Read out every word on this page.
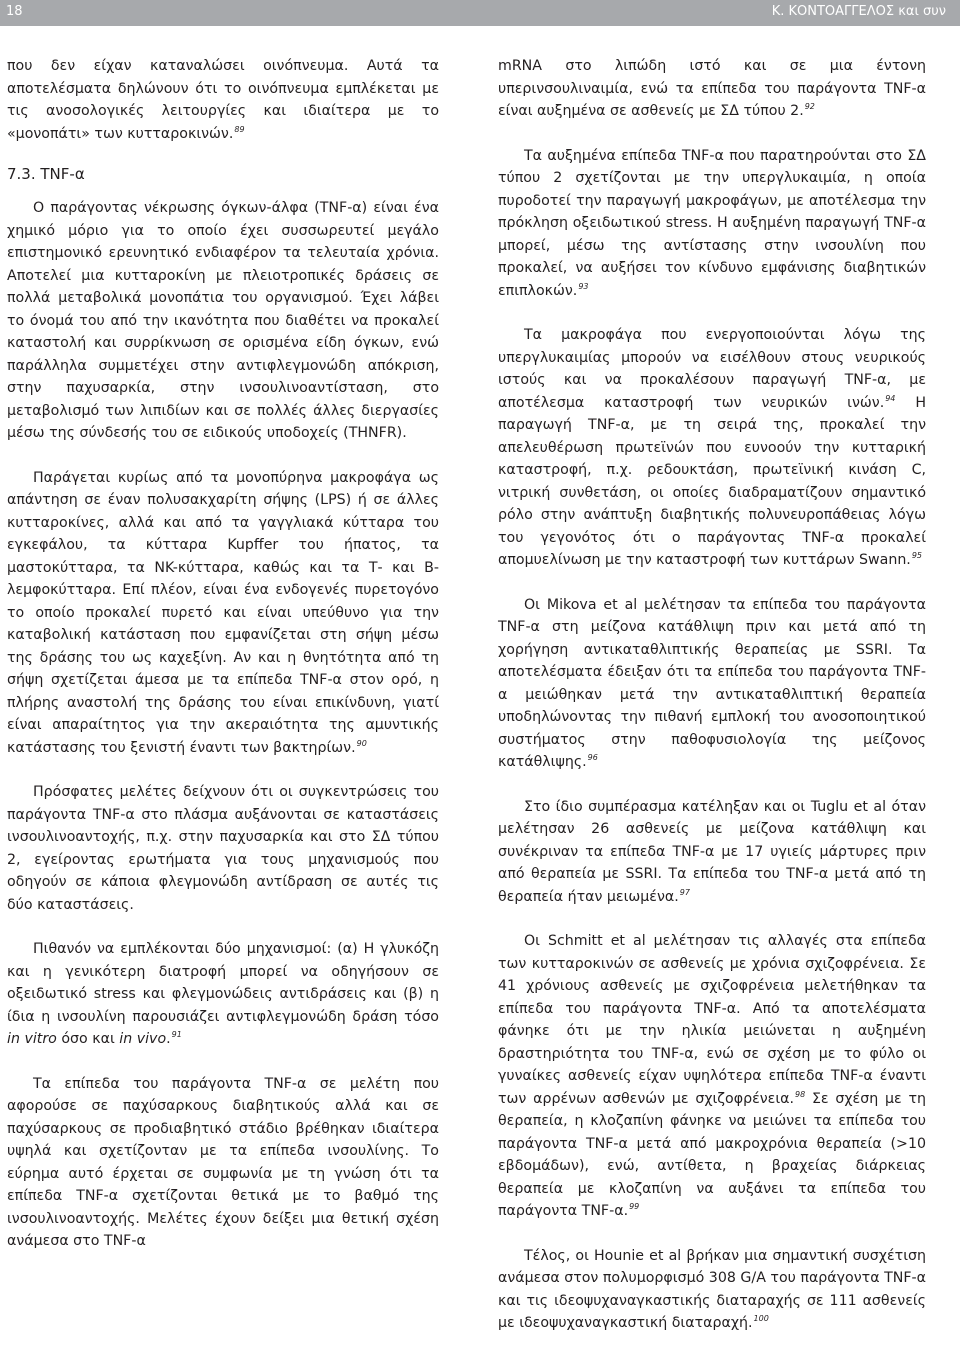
18	Κ. ΚΟΝΤΟΑΓΓΕΛΟΣ και συν

που δεν είχαν καταναλώσει οινόπνευμα. Αυτά τα αποτελέσματα δηλώνουν ότι το οινόπνευμα εμπλέκεται με τις ανοσολογικές λειτουργίες και ιδιαίτερα με το «μονοπάτι» των κυτταροκινών.$^{89}$

7.3. TNF-α

Ο παράγοντας νέκρωσης όγκων-άλφα (TNF-α) είναι ένα χημικό μόριο για το οποίο έχει συσσωρευτεί μεγάλο επιστημονικό ερευνητικό ενδιαφέρον τα τελευταία χρόνια. Αποτελεί μια κυτταροκίνη με πλειοτροπικές δράσεις σε πολλά μεταβολικά μονοπάτια του οργανισμού. Έχει λάβει το όνομά του από την ικανότητα που διαθέτει να προκαλεί καταστολή και συρρίκνωση σε ορισμένα είδη όγκων, ενώ παράλληλα συμμετέχει στην αντιφλεγμονώδη απόκριση, στην παχυσαρκία, στην ινσουλινοαντίσταση, στο μεταβολισμό των λιπιδίων και σε πολλές άλλες διεργασίες μέσω της σύνδεσής του σε ειδικούς υποδοχείς (THNFR).

Παράγεται κυρίως από τα μονοπύρηνα μακροφάγα ως απάντηση σε έναν πολυσακχαρίτη σήψης (LPS) ή σε άλλες κυτταροκίνες, αλλά και από τα γαγγλιακά κύτταρα του εγκεφάλου, τα κύτταρα Kupffer του ήπατος, τα μαστοκύτταρα, τα NK-κύτταρα, καθώς και τα Τ- και Β-λεμφοκύτταρα. Επί πλέον, είναι ένα ενδογενές πυρετογόνο το οποίο προκαλεί πυρετό και είναι υπεύθυνο για την καταβολική κατάσταση που εμφανίζεται στη σήψη μέσω της δράσης του ως καχεξίνη. Αν και η θνητότητα από τη σήψη σχετίζεται άμεσα με τα επίπεδα TNF-α στον ορό, η πλήρης αναστολή της δράσης του είναι επικίνδυνη, γιατί είναι απαραίτητος για την ακεραιότητα της αμυντικής κατάστασης του ξενιστή έναντι των βακτηρίων.$^{90}$

Πρόσφατες μελέτες δείχνουν ότι οι συγκεντρώσεις του παράγοντα TNF-α στο πλάσμα αυξάνονται σε καταστάσεις ινσουλινοαντοχής, π.χ. στην παχυσαρκία και στο ΣΔ τύπου 2, εγείροντας ερωτήματα για τους μηχανισμούς που οδηγούν σε κάποια φλεγμονώδη αντίδραση σε αυτές τις δύο καταστάσεις.

Πιθανόν να εμπλέκονται δύο μηχανισμοί: (α) Η γλυκόζη και η γενικότερη διατροφή μπορεί να οδηγήσουν σε οξειδωτικό stress και φλεγμονώδεις αντιδράσεις και (β) η ίδια η ινσουλίνη παρουσιάζει αντιφλεγμονώδη δράση τόσο in vitro όσο και in vivo.$^{91}$

Τα επίπεδα του παράγοντα TNF-α σε μελέτη που αφορούσε σε παχύσαρκους διαβητικούς αλλά και σε παχύσαρκους σε προδιαβητικό στάδιο βρέθηκαν ιδιαίτερα υψηλά και σχετίζονταν με τα επίπεδα ινσουλίνης. Το εύρημα αυτό έρχεται σε συμφωνία με τη γνώση ότι τα επίπεδα TNF-α σχετίζονται θετικά με το βαθμό της ινσουλινοαντοχής. Μελέτες έχουν δείξει μια θετική σχέση ανάμεσα στο TNF-α

mRNA στο λιπώδη ιστό και σε μια έντονη υπερινσουλιναιμία, ενώ τα επίπεδα του παράγοντα TNF-α είναι αυξημένα σε ασθενείς με ΣΔ τύπου 2.92

Τα αυξημένα επίπεδα TNF-α που παρατηρούνται στο ΣΔ τύπου 2 σχετίζονται με την υπεργλυκαιμία, η οποία πυροδοτεί την παραγωγή μακροφάγων, με αποτέλεσμα την πρόκληση οξειδωτικού stress. Η αυξημένη παραγωγή TNF-α μπορεί, μέσω της αντίστασης στην ινσουλίνη που προκαλεί, να αυξήσει τον κίνδυνο εμφάνισης διαβητικών επιπλοκών.$^{93}$

Τα μακροφάγα που ενεργοποιούνται λόγω της υπεργλυκαιμίας μπορούν να εισέλθουν στους νευρικούς ιστούς και να προκαλέσουν παραγωγή TNF-α, με αποτέλεσμα καταστροφή των νευρικών ινών.$^{94}$ Η παραγωγή TNF-α, με τη σειρά της, προκαλεί την απελευθέρωση πρωτεϊνών που ευνοούν την κυτταρική καταστροφή, π.χ. ρεδουκτάση, πρωτεϊνική κινάση C, νιτρική συνθετάση, οι οποίες διαδραματίζουν σημαντικό ρόλο στην ανάπτυξη διαβητικής πολυνευροπάθειας λόγω του γεγονότος ότι ο παράγοντας TNF-α προκαλεί απομυελίνωση με την καταστροφή των κυττάρων Swann.$^{95}$

Οι Mikova et al μελέτησαν τα επίπεδα του παράγοντα TNF-α στη μείζονα κατάθλιψη πριν και μετά από τη χορήγηση αντικαταθλιπτικής θεραπείας με SSRI. Τα αποτελέσματα έδειξαν ότι τα επίπεδα του παράγοντα TNF-α μειώθηκαν μετά την αντικαταθλιπτική θεραπεία υποδηλώνοντας την πιθανή εμπλοκή του ανοσοποιητικού συστήματος στην παθοφυσιολογία της μείζονος κατάθλιψης.$^{96}$

Στο ίδιο συμπέρασμα κατέληξαν και οι Tuglu et al όταν μελέτησαν 26 ασθενείς με μείζονα κατάθλιψη και συνέκριναν τα επίπεδα TNF-α με 17 υγιείς μάρτυρες πριν από θεραπεία με SSRI. Τα επίπεδα του TNF-α μετά από τη θεραπεία ήταν μειωμένα.$^{97}$

Οι Schmitt et al μελέτησαν τις αλλαγές στα επίπεδα των κυτταροκινών σε ασθενείς με χρόνια σχιζοφρένεια. Σε 41 χρόνιους ασθενείς με σχιζοφρένεια μελετήθηκαν τα επίπεδα του παράγοντα TNF-α. Από τα αποτελέσματα φάνηκε ότι με την ηλικία μειώνεται η αυξημένη δραστηριότητα του TNF-α, ενώ σε σχέση με το φύλο οι γυναίκες ασθενείς είχαν υψηλότερα επίπεδα TNF-α έναντι των αρρένων ασθενών με σχιζοφρένεια.$^{98}$ Σε σχέση με τη θεραπεία, η κλοζαπίνη φάνηκε να μειώνει τα επίπεδα του παράγοντα TNF-α μετά από μακροχρόνια θεραπεία (>10 εβδομάδων), ενώ, αντίθετα, η βραχείας διάρκειας θεραπεία με κλοζαπίνη να αυξάνει τα επίπεδα του παράγοντα TNF-α.$^{99}$

Τέλος, οι Hounie et al βρήκαν μια σημαντική συσχέτιση ανάμεσα στον πολυμορφισμό 308 G/A του παράγοντα TNF-α και τις ιδεοψυχαναγκαστικής διαταραχής σε 111 ασθενείς με ιδεοψυχαναγκαστική διαταραχή.$^{100}$
